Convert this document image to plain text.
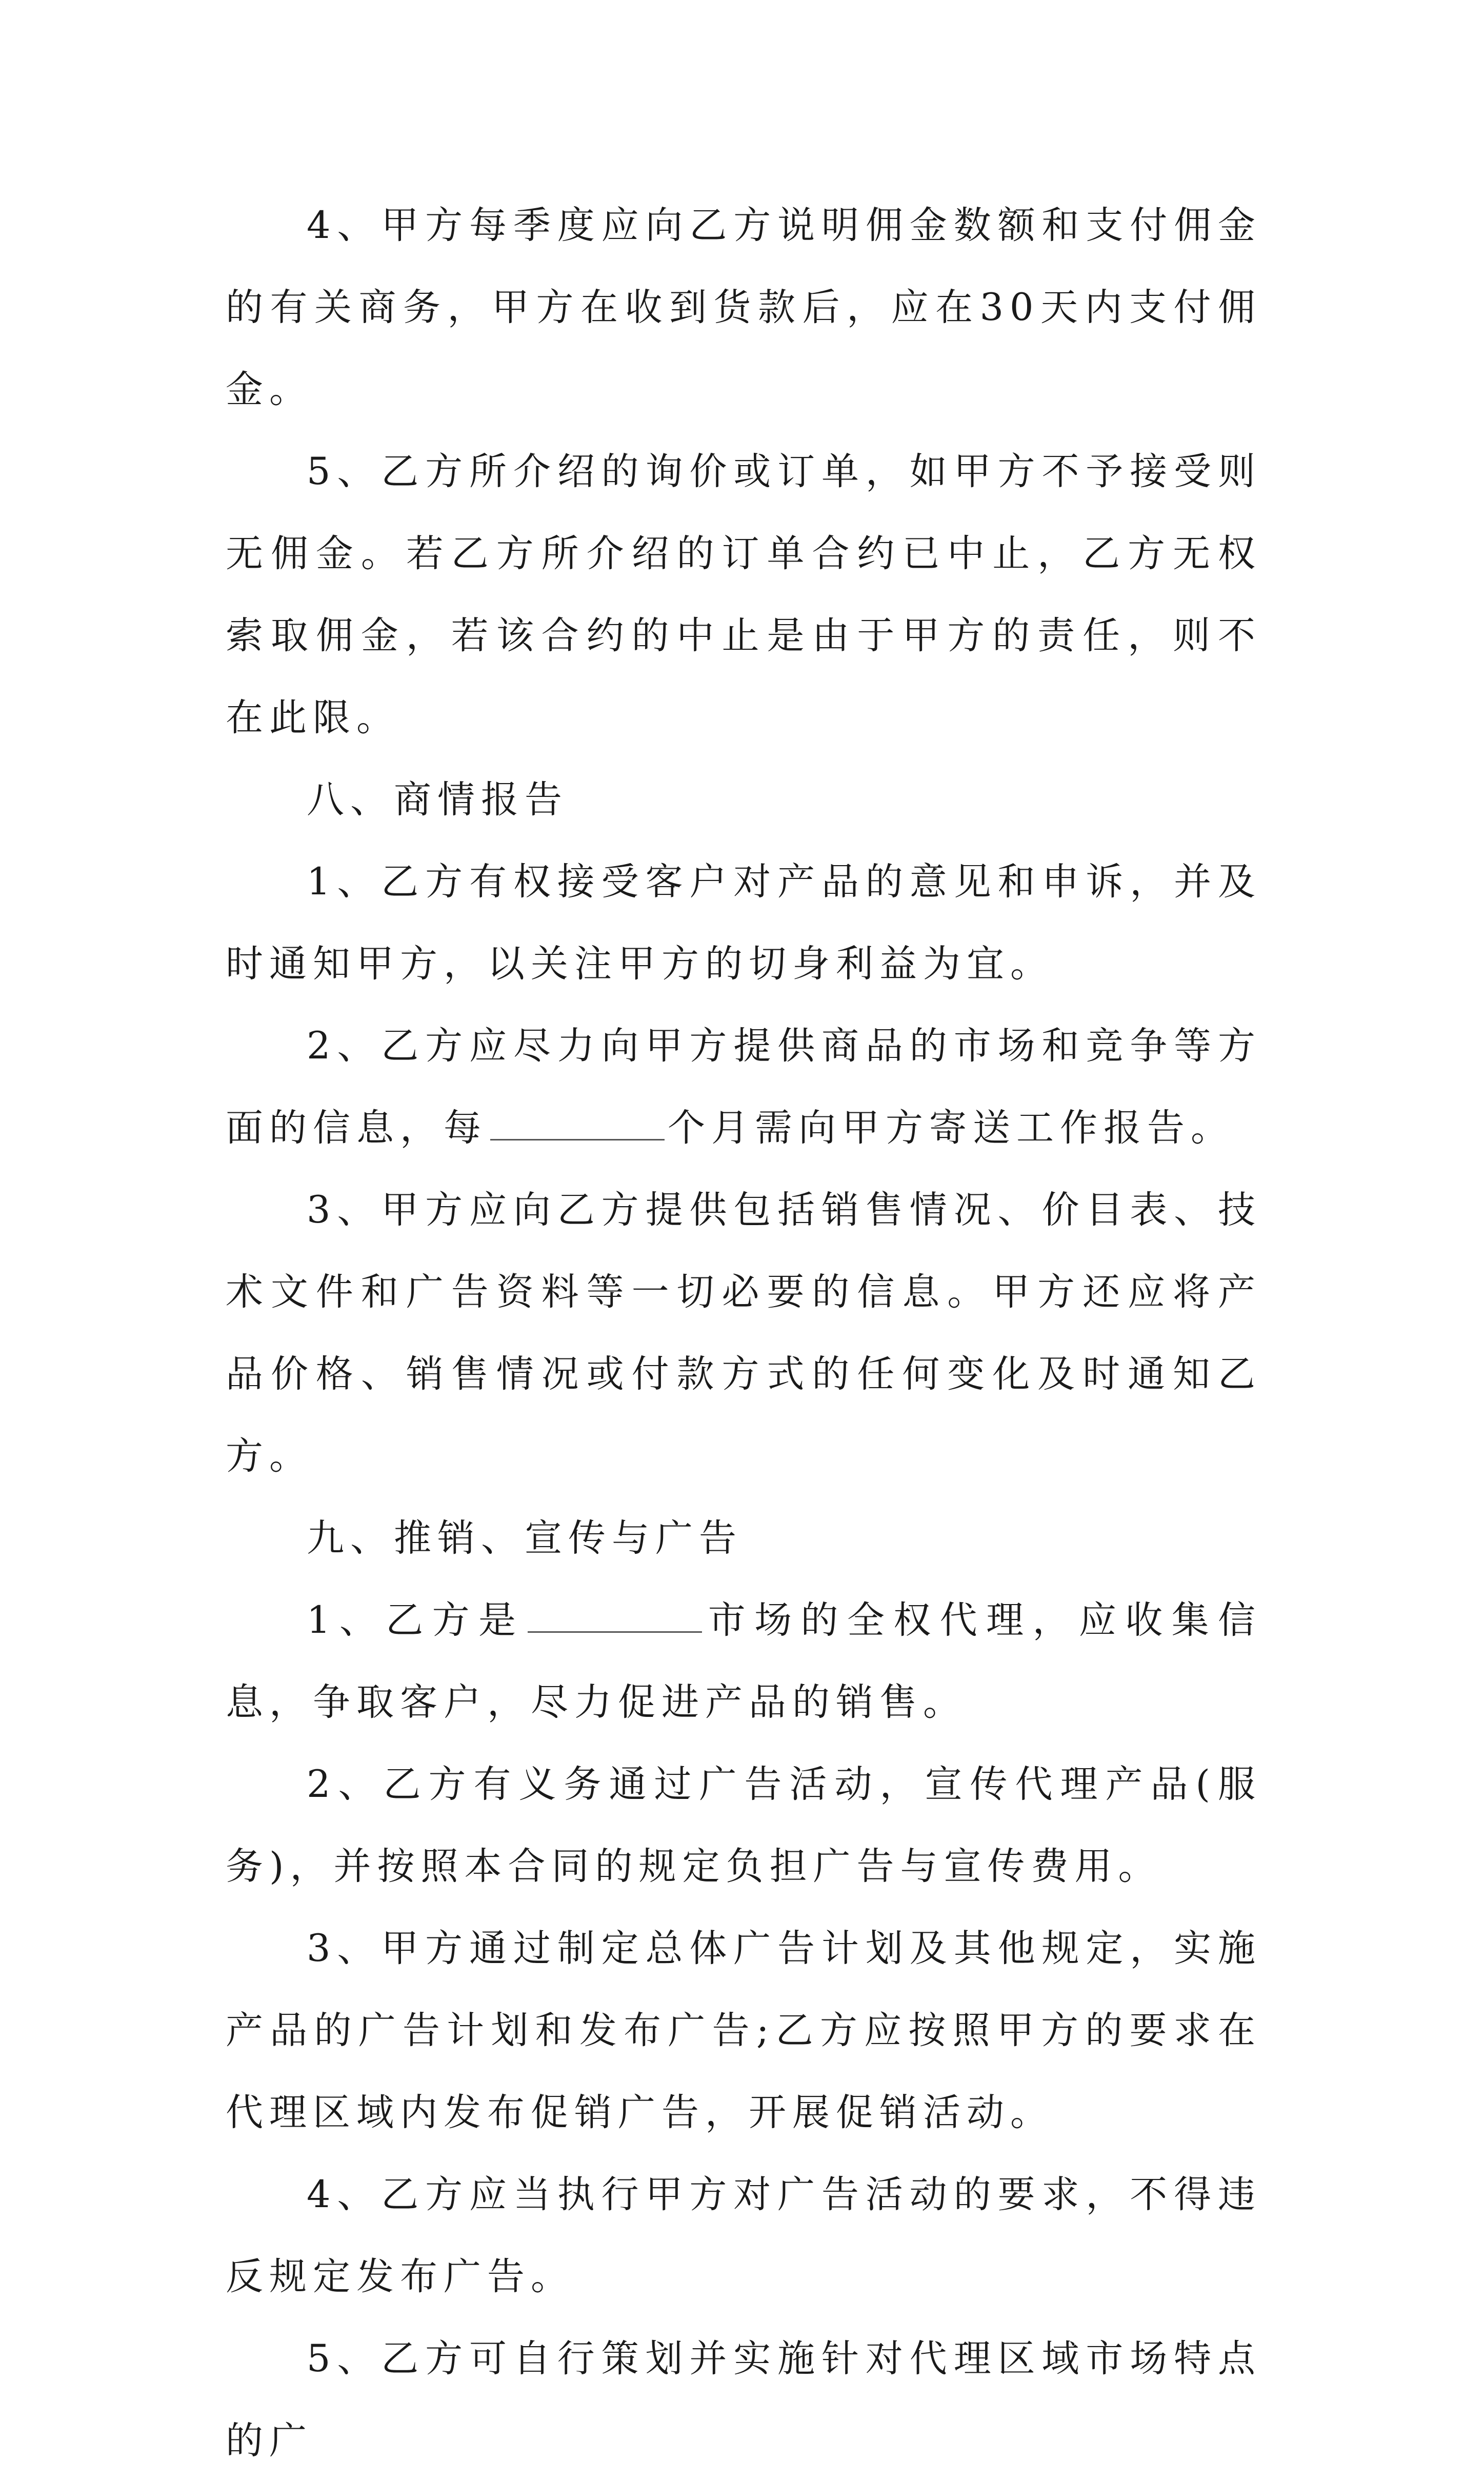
4、甲方每季度应向乙方说明佣金数额和支付佣金的有关商务，甲方在收到货款后，应在30天内支付佣金。

5、乙方所介绍的询价或订单，如甲方不予接受则无佣金。若乙方所介绍的订单合约已中止，乙方无权索取佣金，若该合约的中止是由于甲方的责任，则不在此限。

八、商情报告

1、乙方有权接受客户对产品的意见和申诉，并及时通知甲方，以关注甲方的切身利益为宜。

2、乙方应尽力向甲方提供商品的市场和竞争等方面的信息，每	个月需向甲方寄送工作报告。

3、甲方应向乙方提供包括销售情况、价目表、技术文件和广告资料等一切必要的信息。甲方还应将产品价格、销售情况或付款方式的任何变化及时通知乙方。

九、推销、宣传与广告

1、乙方是	市场的全权代理，应收集信息，争取客户，尽力促进产品的销售。

2、乙方有义务通过广告活动，宣传代理产品(服务)，并按照本合同的规定负担广告与宣传费用。

3、甲方通过制定总体广告计划及其他规定，实施产品的广告计划和发布广告;乙方应按照甲方的要求在代理区域内发布促销广告，开展促销活动。

4、乙方应当执行甲方对广告活动的要求，不得违反规定发布广告。

5、乙方可自行策划并实施针对代理区域市场特点的广
